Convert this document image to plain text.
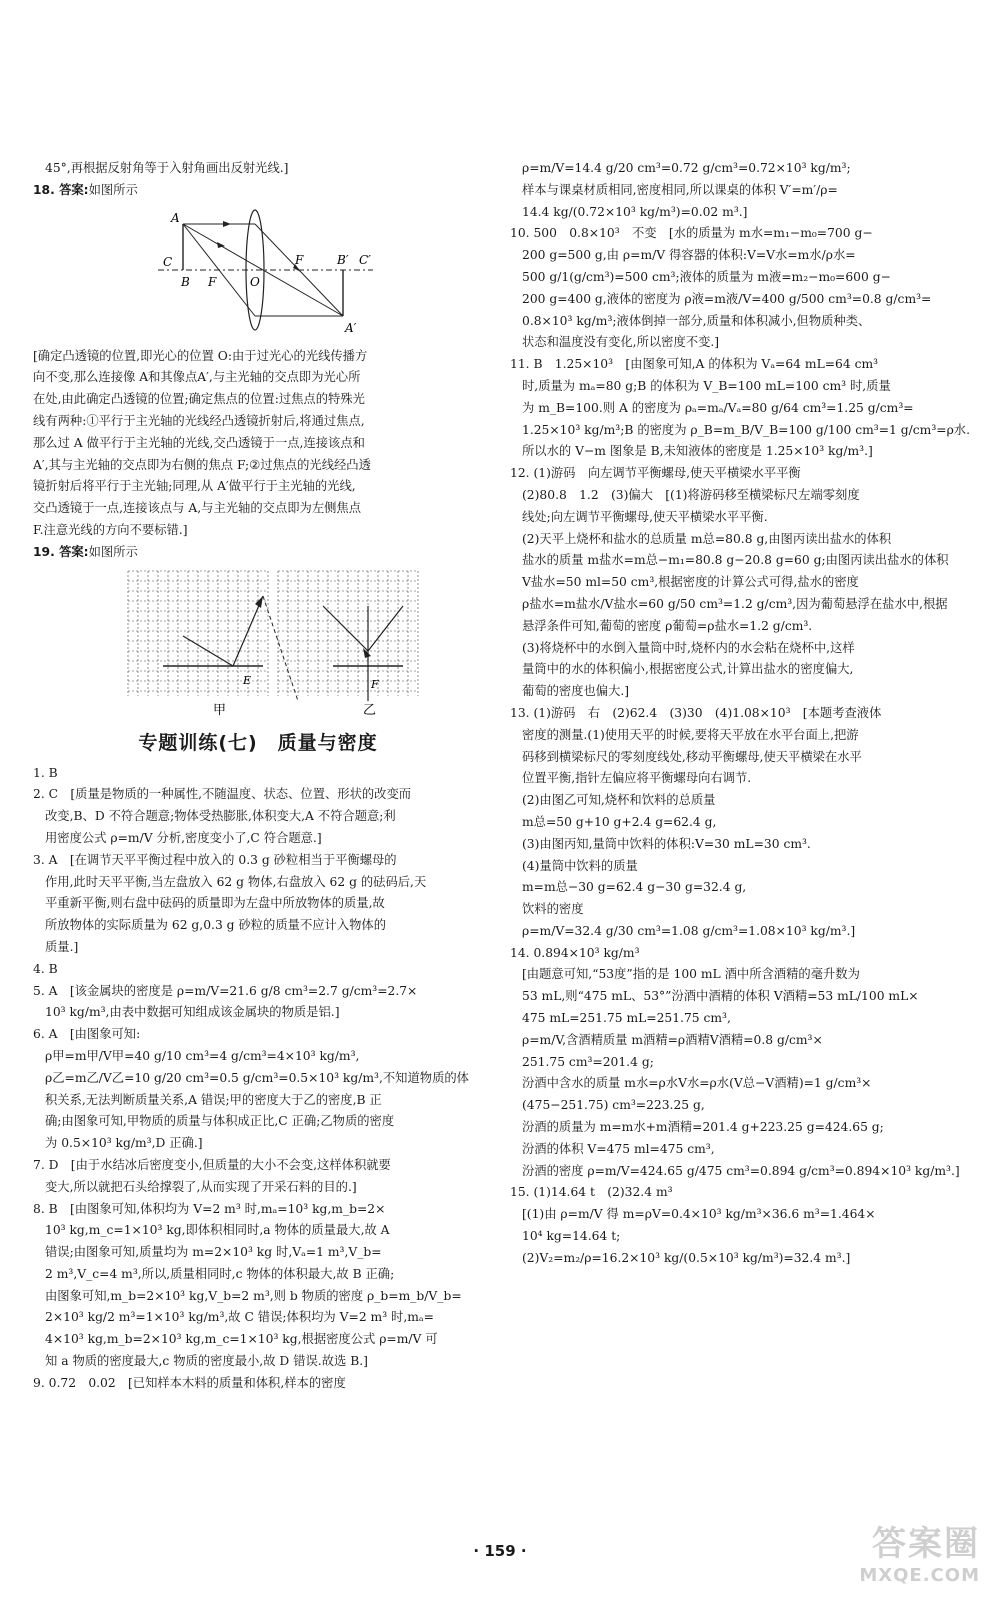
45°,再根据反射角等于入射角画出反射光线.]
18. 答案:如图所示
A
C
B F	O
F	B′ C′
A′
[确定凸透镜的位置,即光心的位置 O:由于过光心的光线传播方
向不变,那么连接像 A和其像点A′,与主光轴的交点即为光心所
在处,由此确定凸透镜的位置;确定焦点的位置:过焦点的特殊光
线有两种:①平行于主光轴的光线经凸透镜折射后,将通过焦点,
那么过 A 做平行于主光轴的光线,交凸透镜于一点,连接该点和
A′,其与主光轴的交点即为右侧的焦点 F;②过焦点的光线经凸透
镜折射后将平行于主光轴;同理,从 A′做平行于主光轴的光线,
交凸透镜于一点,连接该点与 A,与主光轴的交点即为左侧焦点
F.注意光线的方向不要标错.]
19. 答案:如图所示
E	F
甲	乙
专题训练(七)　质量与密度
1. B
2. C　[质量是物质的一种属性,不随温度、状态、位置、形状的改变而
改变,B、D 不符合题意;物体受热膨胀,体积变大,A 不符合题意;利
用密度公式 ρ=m/V 分析,密度变小了,C 符合题意.]
3. A　[在调节天平平衡过程中放入的 0.3 g 砂粒相当于平衡螺母的
作用,此时天平平衡,当左盘放入 62 g 物体,右盘放入 62 g 的砝码后,天
平重新平衡,则右盘中砝码的质量即为左盘中所放物体的质量,故
所放物体的实际质量为 62 g,0.3 g 砂粒的质量不应计入物体的
质量.]
4. B
5. A　[该金属块的密度是 ρ=m/V=21.6 g/8 cm³=2.7 g/cm³=2.7×
10³ kg/m³,由表中数据可知组成该金属块的物质是铝.]
6. A　[由图象可知:
ρ甲=m甲/V甲=40 g/10 cm³=4 g/cm³=4×10³ kg/m³,
ρ乙=m乙/V乙=10 g/20 cm³=0.5 g/cm³=0.5×10³ kg/m³,不知道物质的体
积关系,无法判断质量关系,A 错误;甲的密度大于乙的密度,B 正
确;由图象可知,甲物质的质量与体积成正比,C 正确;乙物质的密度
为 0.5×10³ kg/m³,D 正确.]
7. D　[由于水结冰后密度变小,但质量的大小不会变,这样体积就要
变大,所以就把石头给撑裂了,从而实现了开采石料的目的.]
8. B　[由图象可知,体积均为 V=2 m³ 时,mₐ=10³ kg,m_b=2×
10³ kg,m_c=1×10³ kg,即体积相同时,a 物体的质量最大,故 A
错误;由图象可知,质量均为 m=2×10³ kg 时,Vₐ=1 m³,V_b=
2 m³,V_c=4 m³,所以,质量相同时,c 物体的体积最大,故 B 正确;
由图象可知,m_b=2×10³ kg,V_b=2 m³,则 b 物质的密度 ρ_b=m_b/V_b=
2×10³ kg/2 m³=1×10³ kg/m³,故 C 错误;体积均为 V=2 m³ 时,mₐ=
4×10³ kg,m_b=2×10³ kg,m_c=1×10³ kg,根据密度公式 ρ=m/V 可
知 a 物质的密度最大,c 物质的密度最小,故 D 错误.故选 B.]
9. 0.72　0.02　[已知样本木料的质量和体积,样本的密度
ρ=m/V=14.4 g/20 cm³=0.72 g/cm³=0.72×10³ kg/m³;
样本与课桌材质相同,密度相同,所以课桌的体积 V′=m′/ρ=
14.4 kg/(0.72×10³ kg/m³)=0.02 m³.]
10. 500　0.8×10³　不变　[水的质量为 m水=m₁−m₀=700 g−
200 g=500 g,由 ρ=m/V 得容器的体积:V=V水=m水/ρ水=
500 g/1(g/cm³)=500 cm³;液体的质量为 m液=m₂−m₀=600 g−
200 g=400 g,液体的密度为 ρ液=m液/V=400 g/500 cm³=0.8 g/cm³=
0.8×10³ kg/m³;液体倒掉一部分,质量和体积减小,但物质种类、
状态和温度没有变化,所以密度不变.]
11. B　1.25×10³　[由图象可知,A 的体积为 Vₐ=64 mL=64 cm³
时,质量为 mₐ=80 g;B 的体积为 V_B=100 mL=100 cm³ 时,质量
为 m_B=100.则 A 的密度为 ρₐ=mₐ/Vₐ=80 g/64 cm³=1.25 g/cm³=
1.25×10³ kg/m³;B 的密度为 ρ_B=m_B/V_B=100 g/100 cm³=1 g/cm³=ρ水.
所以水的 V−m 图象是 B,未知液体的密度是 1.25×10³ kg/m³.]
12. (1)游码　向左调节平衡螺母,使天平横梁水平平衡
(2)80.8　1.2　(3)偏大　[(1)将游码移至横梁标尺左端零刻度
线处;向左调节平衡螺母,使天平横梁水平平衡.
(2)天平上烧杯和盐水的总质量 m总=80.8 g,由图丙读出盐水的体积
盐水的质量 m盐水=m总−m₁=80.8 g−20.8 g=60 g;由图丙读出盐水的体积
V盐水=50 ml=50 cm³,根据密度的计算公式可得,盐水的密度
ρ盐水=m盐水/V盐水=60 g/50 cm³=1.2 g/cm³,因为葡萄悬浮在盐水中,根据
悬浮条件可知,葡萄的密度 ρ葡萄=ρ盐水=1.2 g/cm³.
(3)将烧杯中的水倒入量筒中时,烧杯内的水会粘在烧杯中,这样
量筒中的水的体积偏小,根据密度公式,计算出盐水的密度偏大,
葡萄的密度也偏大.]
13. (1)游码　右　(2)62.4　(3)30　(4)1.08×10³　[本题考查液体
密度的测量.(1)使用天平的时候,要将天平放在水平台面上,把游
码移到横梁标尺的零刻度线处,移动平衡螺母,使天平横梁在水平
位置平衡,指针左偏应将平衡螺母向右调节.
(2)由图乙可知,烧杯和饮料的总质量
m总=50 g+10 g+2.4 g=62.4 g,
(3)由图丙知,量筒中饮料的体积:V=30 mL=30 cm³.
(4)量筒中饮料的质量
m=m总−30 g=62.4 g−30 g=32.4 g,
饮料的密度
ρ=m/V=32.4 g/30 cm³=1.08 g/cm³=1.08×10³ kg/m³.]
14. 0.894×10³ kg/m³
[由题意可知,“53度”指的是 100 mL 酒中所含酒精的毫升数为
53 mL,则“475 mL、53°”汾酒中酒精的体积 V酒精=53 mL/100 mL×
475 mL=251.75 mL=251.75 cm³,
ρ=m/V,含酒精质量 m酒精=ρ酒精V酒精=0.8 g/cm³×
251.75 cm³=201.4 g;
汾酒中含水的质量 m水=ρ水V水=ρ水(V总−V酒精)=1 g/cm³×
(475−251.75) cm³=223.25 g,
汾酒的质量为 m=m水+m酒精=201.4 g+223.25 g=424.65 g;
汾酒的体积 V=475 ml=475 cm³,
汾酒的密度 ρ=m/V=424.65 g/475 cm³=0.894 g/cm³=0.894×10³ kg/m³.]
15. (1)14.64 t　(2)32.4 m³
[(1)由 ρ=m/V 得 m=ρV=0.4×10³ kg/m³×36.6 m³=1.464×
10⁴ kg=14.64 t;
(2)V₂=m₂/ρ=16.2×10³ kg/(0.5×10³ kg/m³)=32.4 m³.]
· 159 ·	答案圈
MXQE.COM
